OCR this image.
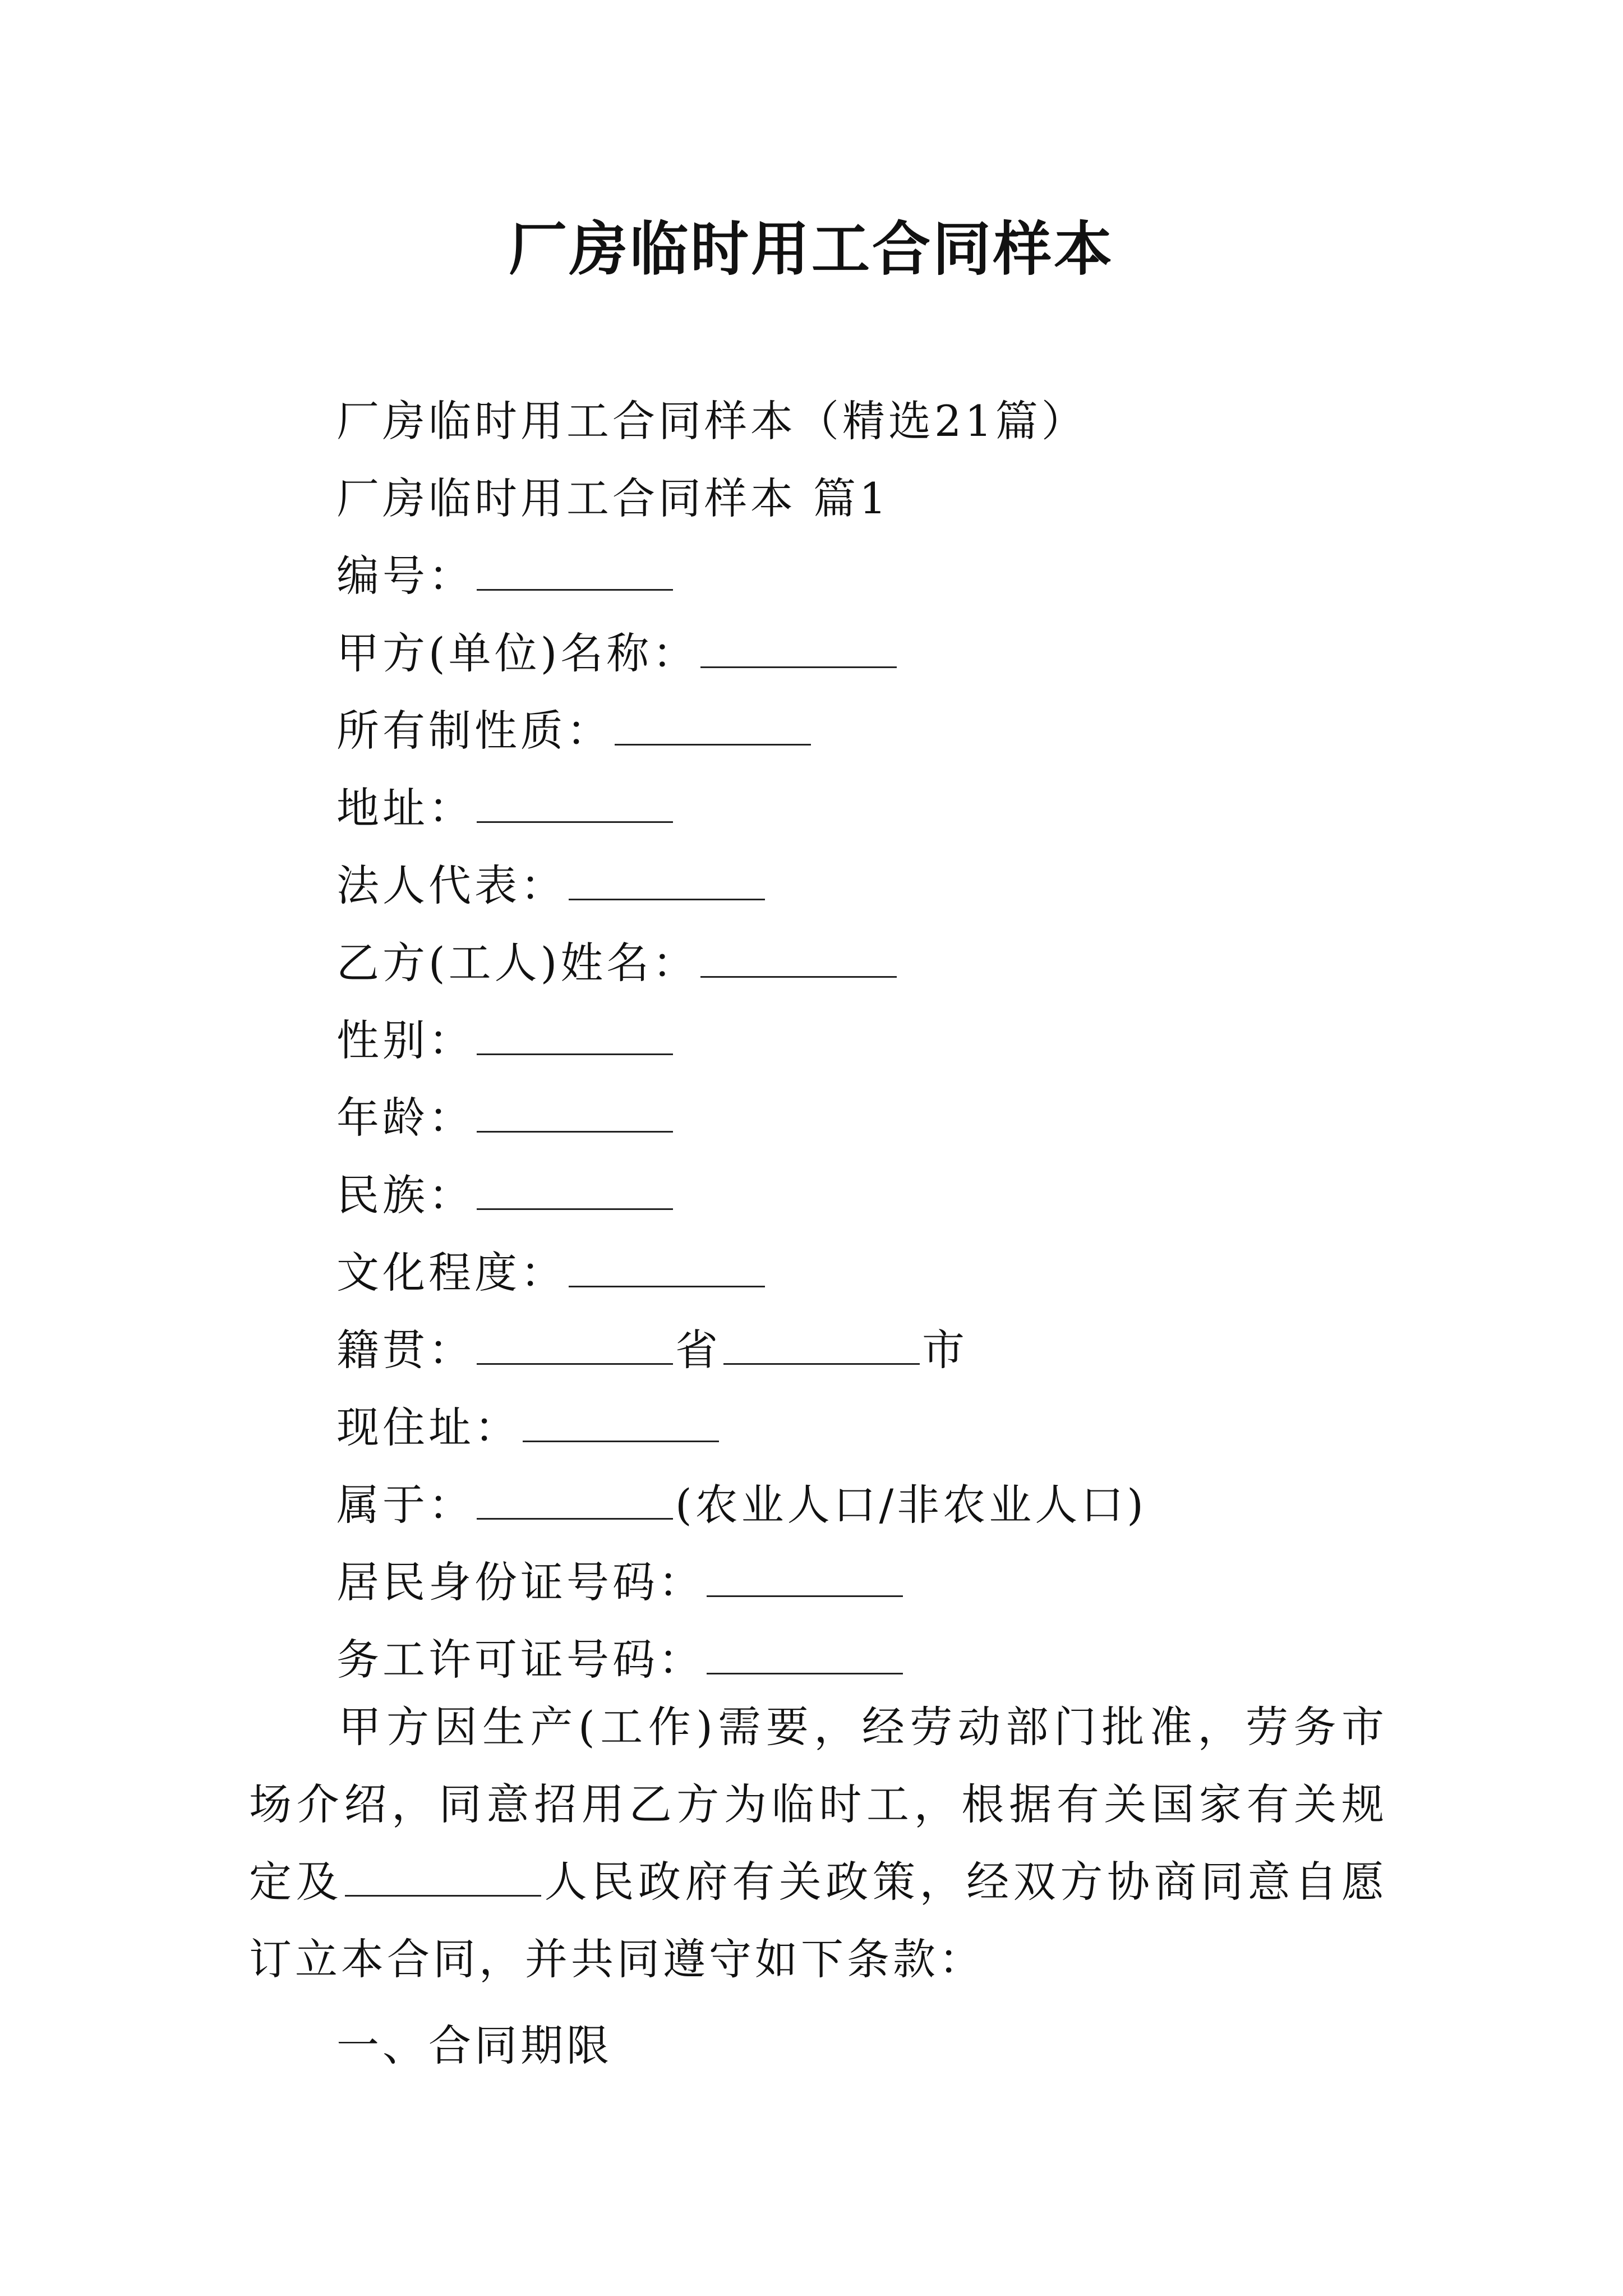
厂房临时用工合同样本
厂房临时用工合同样本（精选21篇）
厂房临时用工合同样本 篇1
编号：
甲方(单位)名称：
所有制性质：
地址：
法人代表：
乙方(工人)姓名：
性别：
年龄：
民族：
文化程度：
籍贯：	省	市
现住址：
属于：	(农业人口/非农业人口)
居民身份证号码：
务工许可证号码：
甲方因生产(工作)需要，经劳动部门批准，劳务市场介绍，同意招用乙方为临时工，根据有关国家有关规定及	人民政府有关政策，经双方协商同意自愿订立本合同，并共同遵守如下条款：
一、合同期限
